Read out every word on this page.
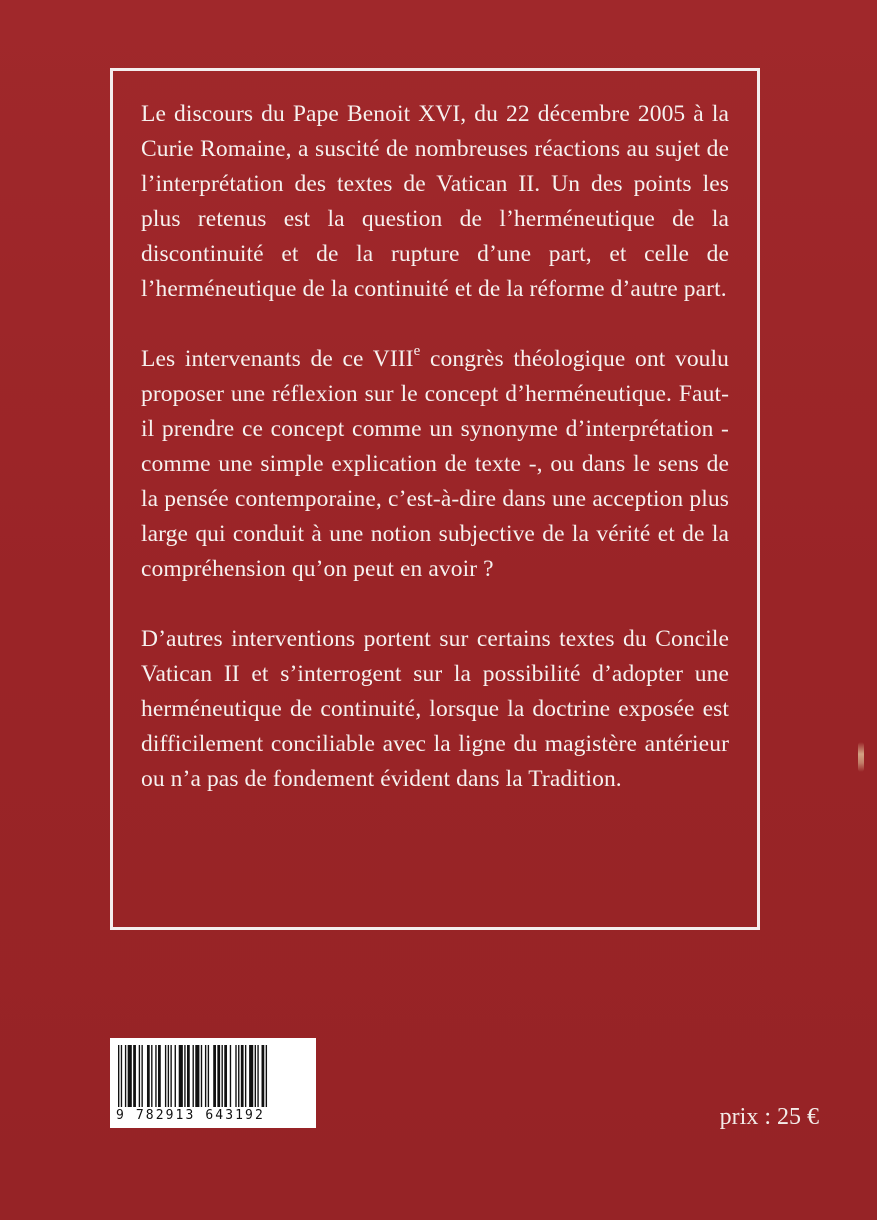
Le discours du Pape Benoit XVI, du 22 décembre 2005 à la Curie Romaine, a suscité de nombreuses réactions au sujet de l’interprétation des textes de Vatican II. Un des points les plus retenus est la question de l’herméneutique de la discontinuité et de la rupture d’une part, et celle de l’herméneutique de la continuité et de la réforme d’autre part.

Les intervenants de ce VIIIe congrès théologique ont voulu proposer une réflexion sur le concept d’herméneutique. Faut-il prendre ce concept comme un synonyme d’interprétation - comme une simple explication de texte -, ou dans le sens de la pensée contemporaine, c’est-à-dire dans une acception plus large qui conduit à une notion subjective de la vérité et de la compréhension qu’on peut en avoir ?

D’autres interventions portent sur certains textes du Concile Vatican II et s’interrogent sur la possibilité d’adopter une herméneutique de continuité, lorsque la doctrine exposée est difficilement conciliable avec la ligne du magistère antérieur ou n’a pas de fondement évident dans la Tradition.

9 782913 643192	prix : 25 €
